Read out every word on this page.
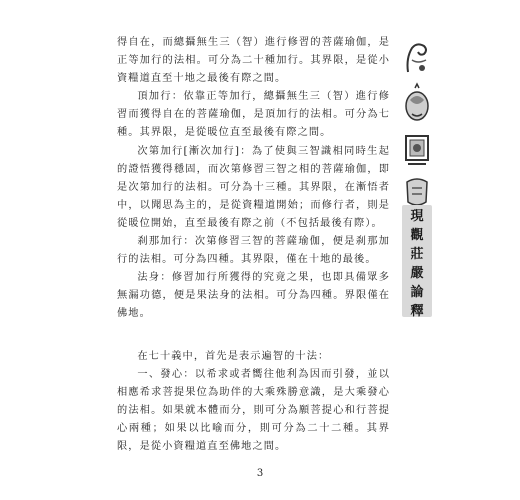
得自在，而總攝無生三（智）進行修習的菩薩瑜伽，是正等加行的法相。可分為二十種加行。其界限，是從小資糧道直至十地之最後有際之間。

頂加行：依靠正等加行，總攝無生三（智）進行修習而獲得自在的菩薩瑜伽，是頂加行的法相。可分為七種。其界限，是從暖位直至最後有際之間。

次第加行[漸次加行]：為了使與三智識相同時生起的證悟獲得穩固，而次第修習三智之相的菩薩瑜伽，即是次第加行的法相。可分為十三種。其界限，在漸悟者中，以聞思為主的，是從資糧道開始；而修行者，則是從暖位開始，直至最後有際之前（不包括最後有際）。

刹那加行：次第修習三智的菩薩瑜伽，便是刹那加行的法相。可分為四種。其界限，僅在十地的最後。

法身：修習加行所獲得的究竟之果，也即具備眾多無漏功德，便是果法身的法相。可分為四種。界限僅在佛地。

在七十義中，首先是表示遍智的十法：

一、發心：以希求或者嚮往他利為因而引發，並以相應希求菩提果位為助伴的大乘殊勝意識，是大乘發心的法相。如果就本體而分，則可分為願菩提心和行菩提心兩種；如果以比喻而分，則可分為二十二種。其界限，是從小資糧道直至佛地之間。

現
觀
莊
嚴
論
釋
3
